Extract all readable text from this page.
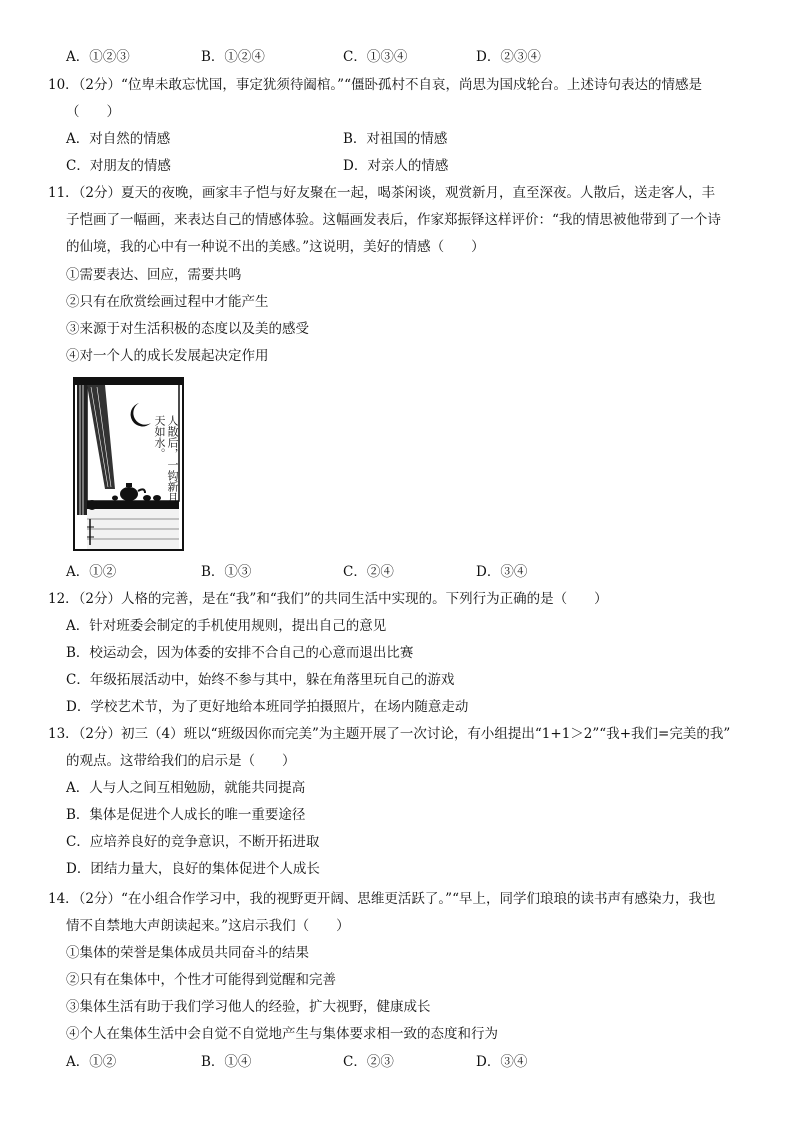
A．①②③	B．①②④	C．①③④	D．②③④
10．（2分）“位卑未敢忘忧国，事定犹须待阖棺。”“僵卧孤村不自哀，尚思为国戍轮台。上述诗句表达的情感是
（　　）
A．对自然的情感	B．对祖国的情感
C．对朋友的情感	D．对亲人的情感
11．（2分）夏天的夜晚，画家丰子恺与好友聚在一起，喝茶闲谈，观赏新月，直至深夜。人散后，送走客人，丰
子恺画了一幅画，来表达自己的情感体验。这幅画发表后，作家郑振铎这样评价：“我的情思被他带到了一个诗
的仙境，我的心中有一种说不出的美感。”这说明，美好的情感（　　）
①需要表达、回应，需要共鸣
②只有在欣赏绘画过程中才能产生
③来源于对生活积极的态度以及美的感受
④对一个人的成长发展起决定作用
人散后，一钩新月
天如水。
A．①②	B．①③	C．②④	D．③④
12．（2分）人格的完善，是在“我”和“我们”的共同生活中实现的。下列行为正确的是（　　）
A．针对班委会制定的手机使用规则，提出自己的意见
B．校运动会，因为体委的安排不合自己的心意而退出比赛
C．年级拓展活动中，始终不参与其中，躲在角落里玩自己的游戏
D．学校艺术节，为了更好地给本班同学拍摄照片，在场内随意走动
13．（2分）初三（4）班以“班级因你而完美”为主题开展了一次讨论，有小组提出“1+1＞2”“我+我们=完美的我”
的观点。这带给我们的启示是（　　）
A．人与人之间互相勉励，就能共同提高
B．集体是促进个人成长的唯一重要途径
C．应培养良好的竞争意识，不断开拓进取
D．团结力量大，良好的集体促进个人成长
14．（2分）“在小组合作学习中，我的视野更开阔、思维更活跃了。”“早上，同学们琅琅的读书声有感染力，我也
情不自禁地大声朗读起来。”这启示我们（　　）
①集体的荣誉是集体成员共同奋斗的结果
②只有在集体中，个性才可能得到觉醒和完善
③集体生活有助于我们学习他人的经验，扩大视野，健康成长
④个人在集体生活中会自觉不自觉地产生与集体要求相一致的态度和行为
A．①②	B．①④	C．②③	D．③④
